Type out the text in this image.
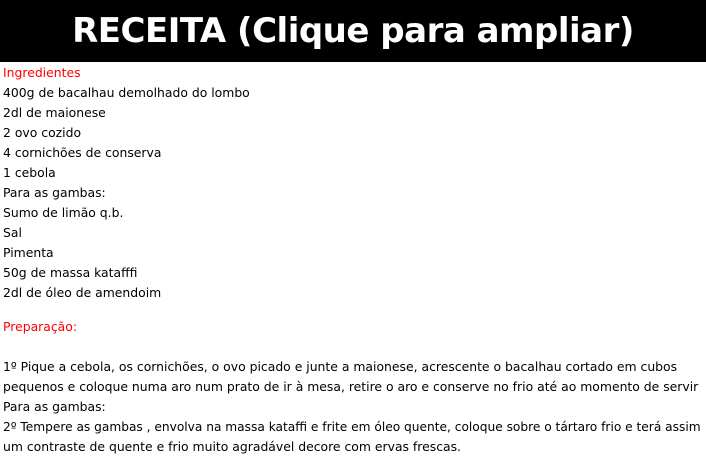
RECEITA (Clique para ampliar)
Ingredientes
400g de bacalhau demolhado do lombo
2dl de maionese
2 ovo cozido
4 cornichões de conserva
1 cebola
Para as gambas:
Sumo de limão q.b.
Sal
Pimenta
50g de massa katafffi
2dl de óleo de amendoim
Preparação:
1º Pique a cebola, os cornichões, o ovo picado e junte a maionese, acrescente o bacalhau cortado em cubos
pequenos e coloque numa aro num prato de ir à mesa, retire o aro e conserve no frio até ao momento de servir
Para as gambas:
2º Tempere as gambas , envolva na massa kataffi e frite em óleo quente, coloque sobre o tártaro frio e terá assim
um contraste de quente e frio muito agradável decore com ervas frescas.
